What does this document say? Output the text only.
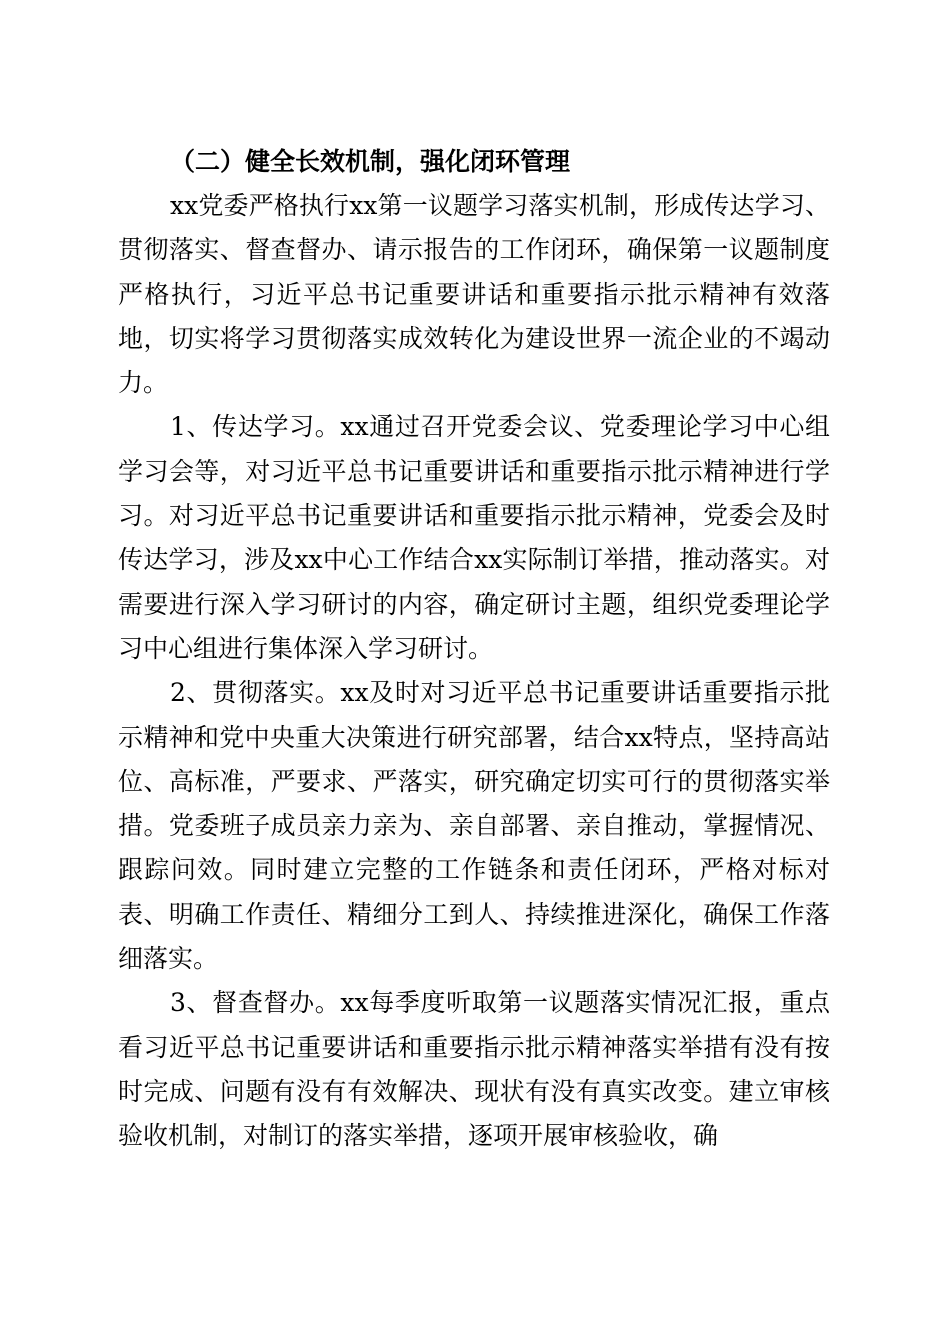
（二）健全长效机制，强化闭环管理

xx党委严格执行xx第一议题学习落实机制，形成传达学习、贯彻落实、督查督办、请示报告的工作闭环，确保第一议题制度严格执行，习近平总书记重要讲话和重要指示批示精神有效落地，切实将学习贯彻落实成效转化为建设世界一流企业的不竭动力。

1、传达学习。xx通过召开党委会议、党委理论学习中心组学习会等，对习近平总书记重要讲话和重要指示批示精神进行学习。对习近平总书记重要讲话和重要指示批示精神，党委会及时传达学习，涉及xx中心工作结合xx实际制订举措，推动落实。对需要进行深入学习研讨的内容，确定研讨主题，组织党委理论学习中心组进行集体深入学习研讨。

2、贯彻落实。xx及时对习近平总书记重要讲话重要指示批示精神和党中央重大决策进行研究部署，结合xx特点，坚持高站位、高标准，严要求、严落实，研究确定切实可行的贯彻落实举措。党委班子成员亲力亲为、亲自部署、亲自推动，掌握情况、跟踪问效。同时建立完整的工作链条和责任闭环，严格对标对表、明确工作责任、精细分工到人、持续推进深化，确保工作落细落实。

3、督查督办。xx每季度听取第一议题落实情况汇报，重点看习近平总书记重要讲话和重要指示批示精神落实举措有没有按时完成、问题有没有有效解决、现状有没有真实改变。建立审核验收机制，对制订的落实举措，逐项开展审核验收，确
